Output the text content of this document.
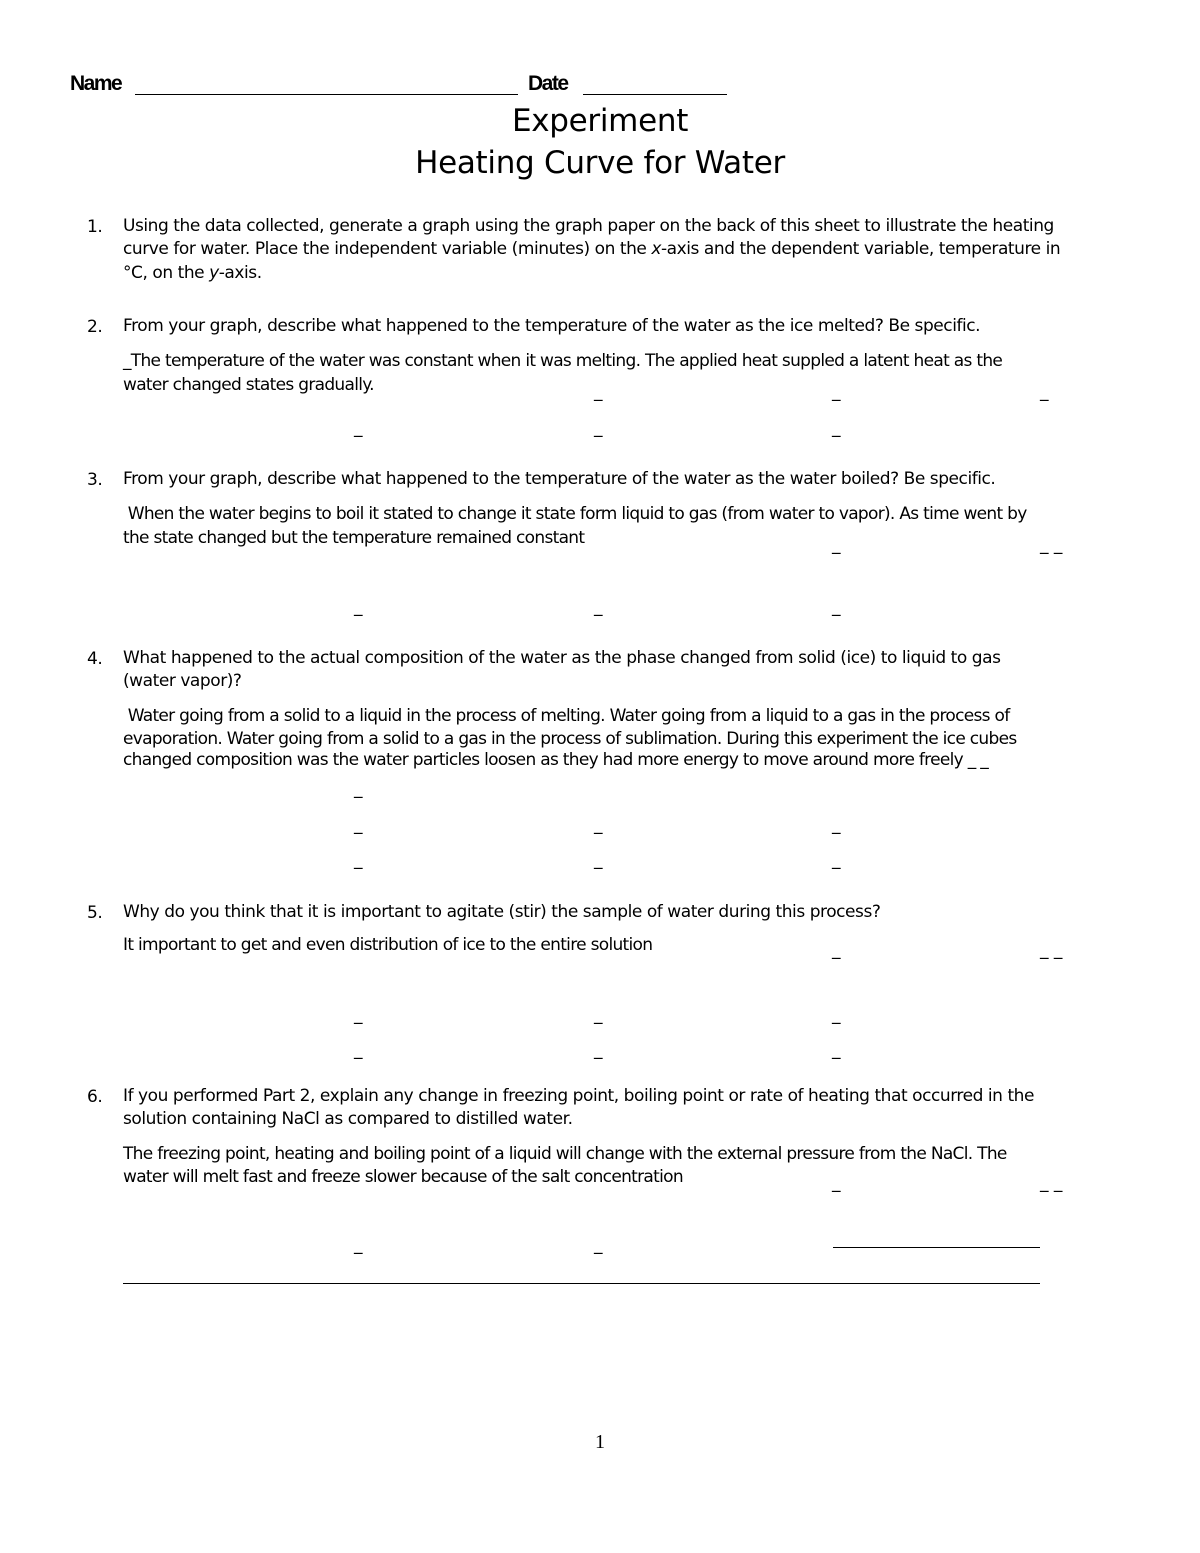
Name	Date
Experiment
Heating Curve for Water
1. Using the data collected, generate a graph using the graph paper on the back of this sheet to illustrate the heating
curve for water. Place the independent variable (minutes) on the x-axis and the dependent variable, temperature in
°C, on the y-axis.
2. From your graph, describe what happened to the temperature of the water as the ice melted? Be specific.
_The temperature of the water was constant when it was melting. The applied heat suppled a latent heat as the
water changed states gradually.	_	_	_
_	_	_
3. From your graph, describe what happened to the temperature of the water as the water boiled? Be specific.
When the water begins to boil it stated to change it state form liquid to gas (from water to vapor). As time went by
the state changed but the temperature remained constant	_	_ _
_	_	_
4. What happened to the actual composition of the water as the phase changed from solid (ice) to liquid to gas
(water vapor)?
Water going from a solid to a liquid in the process of melting. Water going from a liquid to a gas in the process of
evaporation. Water going from a solid to a gas in the process of sublimation. During this experiment the ice cubes
changed composition was the water particles loosen as they had more energy to move around more freely _ _
_
_	_	_
_	_	_
5. Why do you think that it is important to agitate (stir) the sample of water during this process?
It important to get and even distribution of ice to the entire solution	_	_ _
_	_	_
_	_	_
6. If you performed Part 2, explain any change in freezing point, boiling point or rate of heating that occurred in the
solution containing NaCl as compared to distilled water.
The freezing point, heating and boiling point of a liquid will change with the external pressure from the NaCl. The
water will melt fast and freeze slower because of the salt concentration	_	_ _
_	_
1
